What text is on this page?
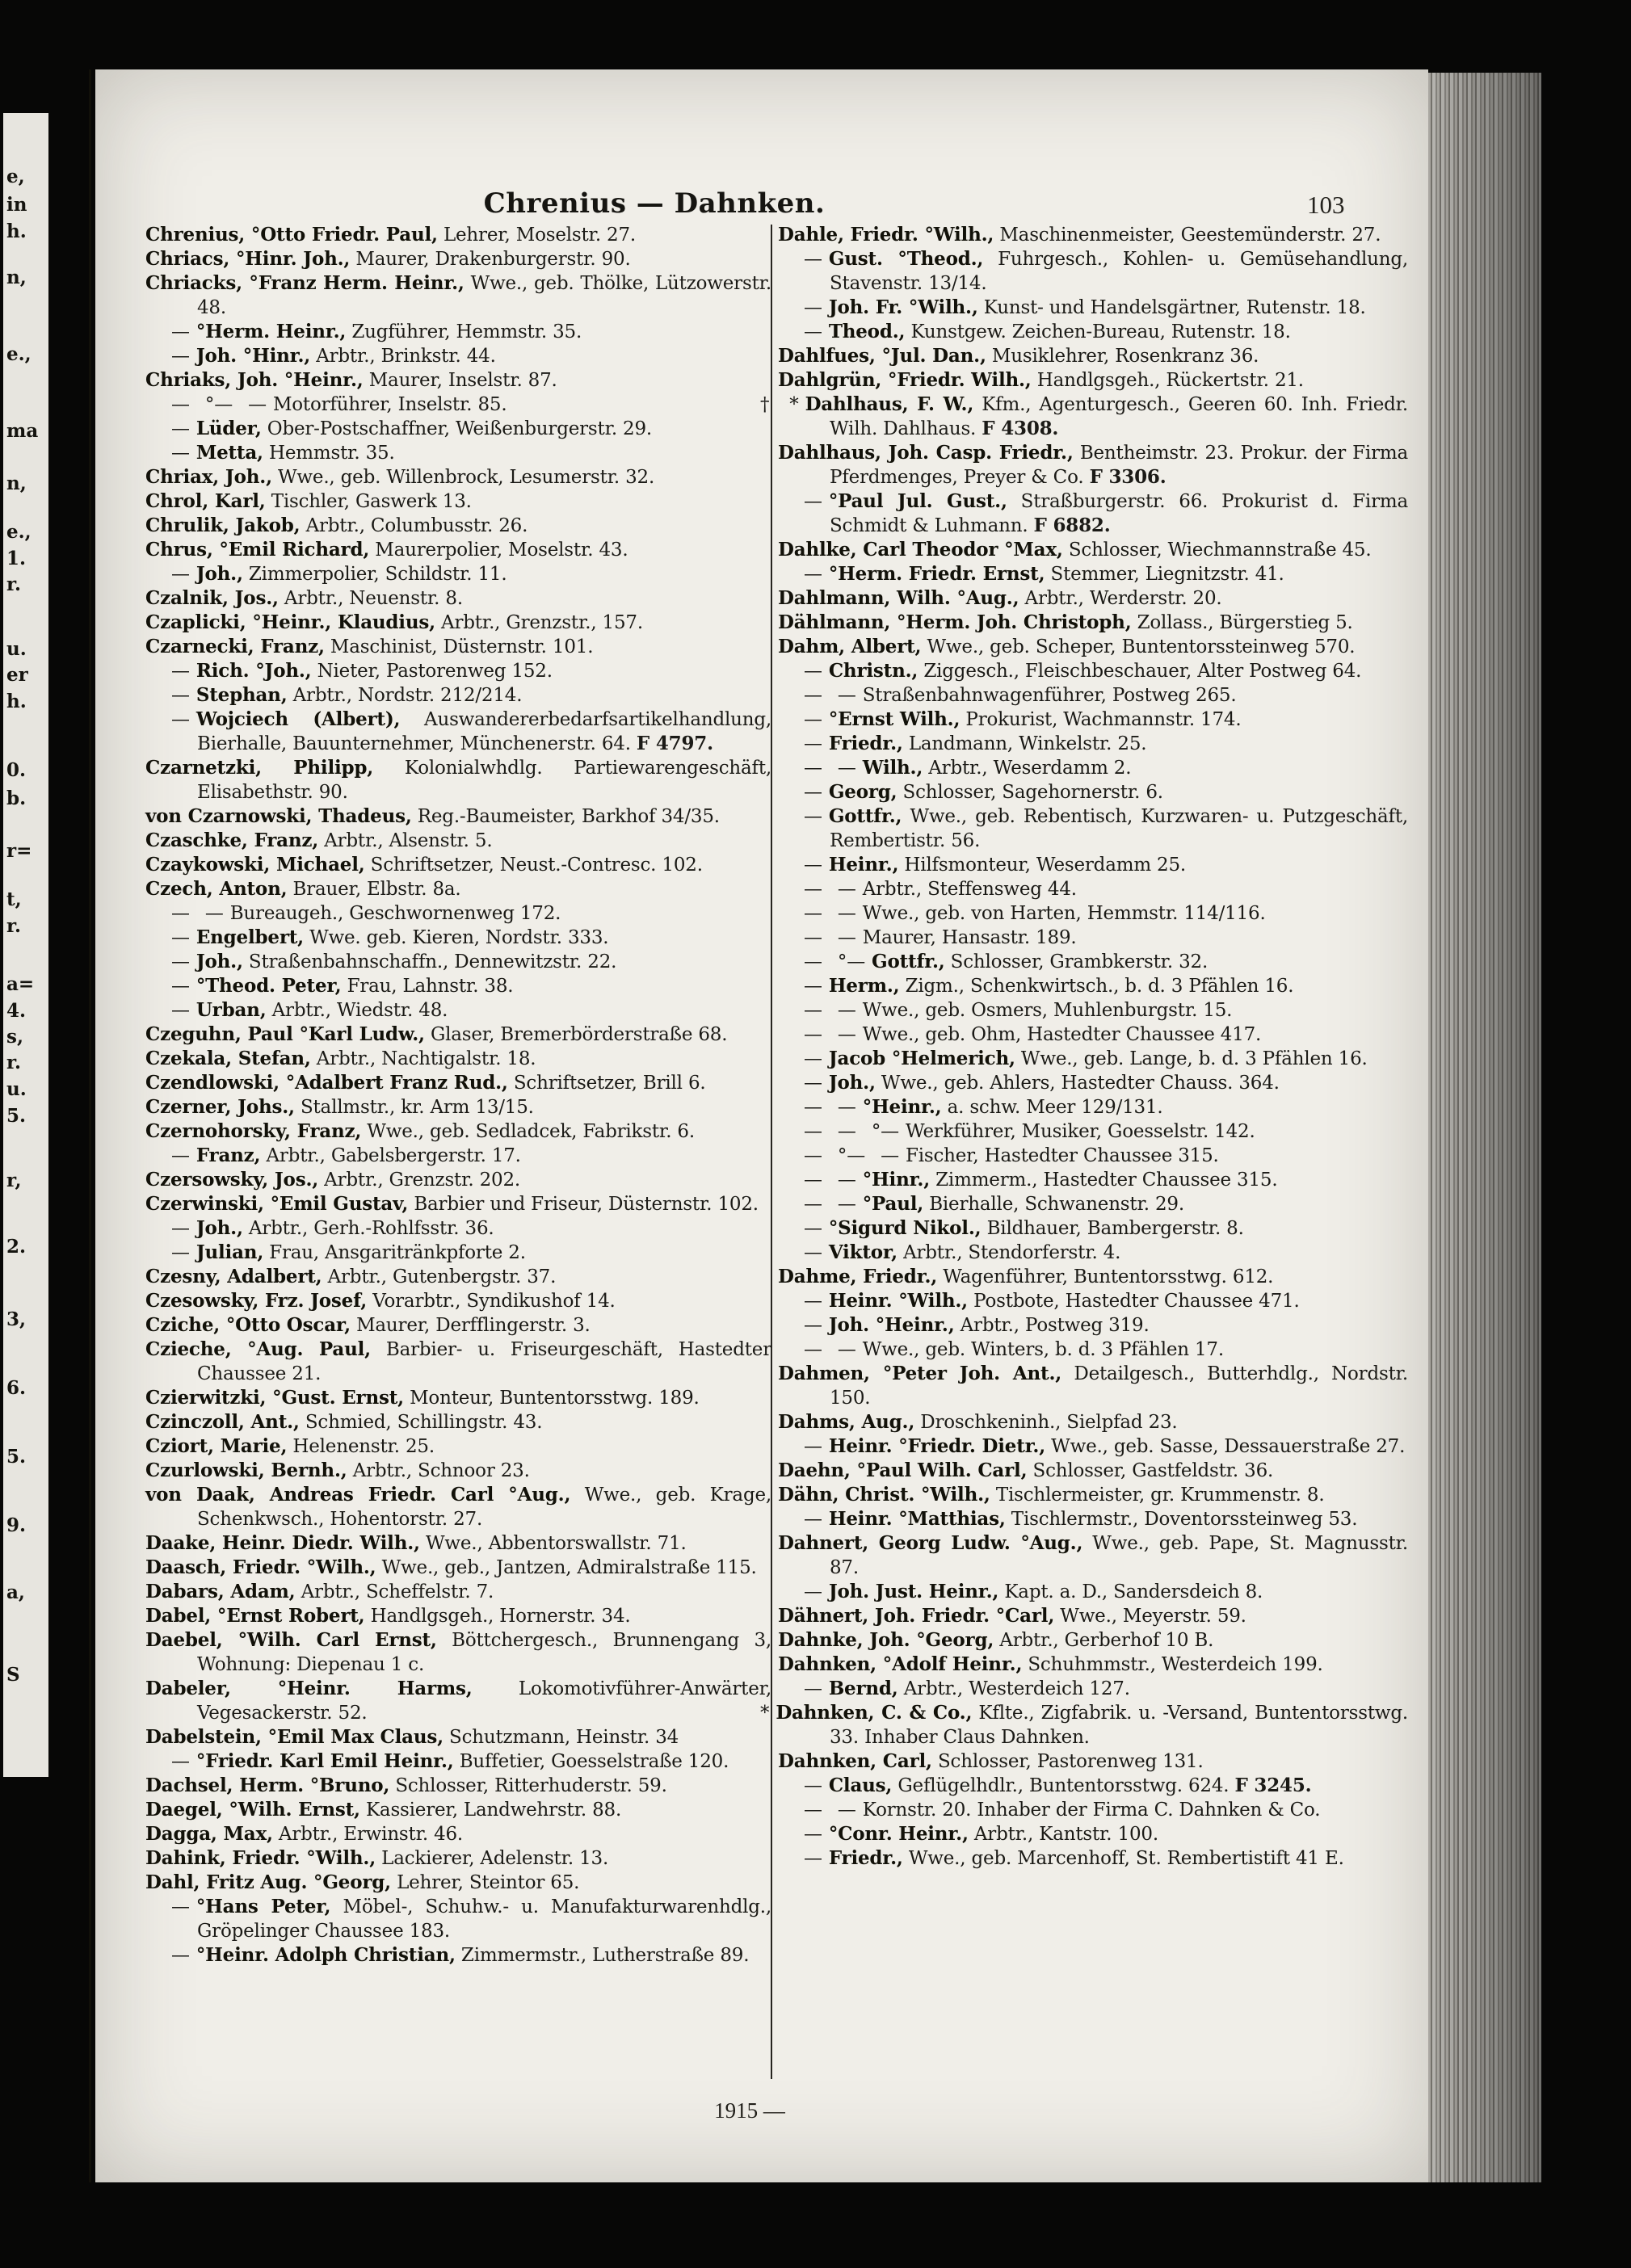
e,
in
h.
n,
e.,
ma
n,
e.,
1.
r.
u.
er
h.
0.
b.
r=
t,
r.
a=
4.
s,
r.
u.
5.
r,
2.
3,
6.
5.
9.
a,
S
Chrenius — Dahnken.	103

Chrenius, °Otto Friedr. Paul, Lehrer, Moselstr. 27.

Chriacs, °Hinr. Joh., Maurer, Drakenburgerstr. 90.

Chriacks, °Franz Herm. Heinr., Wwe., geb. Thölke, Lützowerstr. 48.

— °Herm. Heinr., Zugführer, Hemmstr. 35.

— Joh. °Hinr., Arbtr., Brinkstr. 44.

Chriaks, Joh. °Heinr., Maurer, Inselstr. 87.

— °— — Motorführer, Inselstr. 85.

— Lüder, Ober-Postschaffner, Weißenburgerstr. 29.

— Metta, Hemmstr. 35.

Chriax, Joh., Wwe., geb. Willenbrock, Lesumerstr. 32.

Chrol, Karl, Tischler, Gaswerk 13.

Chrulik, Jakob, Arbtr., Columbusstr. 26.

Chrus, °Emil Richard, Maurerpolier, Moselstr. 43.

— Joh., Zimmerpolier, Schildstr. 11.

Czalnik, Jos., Arbtr., Neuenstr. 8.

Czaplicki, °Heinr., Klaudius, Arbtr., Grenzstr., 157.

Czarnecki, Franz, Maschinist, Düsternstr. 101.

— Rich. °Joh., Nieter, Pastorenweg 152.

— Stephan, Arbtr., Nordstr. 212/214.

— Wojciech (Albert), Auswandererbedarfsartikelhandlung, Bierhalle, Bauunternehmer, Münchenerstr. 64. F 4797.

Czarnetzki, Philipp, Kolonialwhdlg. Partiewarengeschäft, Elisabethstr. 90.

von Czarnowski, Thadeus, Reg.-Baumeister, Barkhof 34/35.

Czaschke, Franz, Arbtr., Alsenstr. 5.

Czaykowski, Michael, Schriftsetzer, Neust.-Contresc. 102.

Czech, Anton, Brauer, Elbstr. 8a.

— — Bureaugeh., Geschwornenweg 172.

— Engelbert, Wwe. geb. Kieren, Nordstr. 333.

— Joh., Straßenbahnschaffn., Dennewitzstr. 22.

— °Theod. Peter, Frau, Lahnstr. 38.

— Urban, Arbtr., Wiedstr. 48.

Czeguhn, Paul °Karl Ludw., Glaser, Bremerbörderstraße 68.

Czekala, Stefan, Arbtr., Nachtigalstr. 18.

Czendlowski, °Adalbert Franz Rud., Schriftsetzer, Brill 6.

Czerner, Johs., Stallmstr., kr. Arm 13/15.

Czernohorsky, Franz, Wwe., geb. Sedladcek, Fabrikstr. 6.

— Franz, Arbtr., Gabelsbergerstr. 17.

Czersowsky, Jos., Arbtr., Grenzstr. 202.

Czerwinski, °Emil Gustav, Barbier und Friseur, Düsternstr. 102.

— Joh., Arbtr., Gerh.-Rohlfsstr. 36.

— Julian, Frau, Ansgaritränkpforte 2.

Czesny, Adalbert, Arbtr., Gutenbergstr. 37.

Czesowsky, Frz. Josef, Vorarbtr., Syndikushof 14.

Cziche, °Otto Oscar, Maurer, Derfflingerstr. 3.

Czieche, °Aug. Paul, Barbier- u. Friseurgeschäft, Hastedter Chaussee 21.

Czierwitzki, °Gust. Ernst, Monteur, Buntentorsstwg. 189.

Czinczoll, Ant., Schmied, Schillingstr. 43.

Cziort, Marie, Helenenstr. 25.

Czurlowski, Bernh., Arbtr., Schnoor 23.

von Daak, Andreas Friedr. Carl °Aug., Wwe., geb. Krage, Schenkwsch., Hohentorstr. 27.

Daake, Heinr. Diedr. Wilh., Wwe., Abbentorswallstr. 71.

Daasch, Friedr. °Wilh., Wwe., geb., Jantzen, Admiralstraße 115.

Dabars, Adam, Arbtr., Scheffelstr. 7.

Dabel, °Ernst Robert, Handlgsgeh., Hornerstr. 34.

Daebel, °Wilh. Carl Ernst, Böttchergesch., Brunnengang 3, Wohnung: Diepenau 1 c.

Dabeler, °Heinr. Harms, Lokomotivführer-Anwärter, Vegesackerstr. 52.

Dabelstein, °Emil Max Claus, Schutzmann, Heinstr. 34

— °Friedr. Karl Emil Heinr., Buffetier, Goesselstraße 120.

Dachsel, Herm. °Bruno, Schlosser, Ritterhuderstr. 59.

Daegel, °Wilh. Ernst, Kassierer, Landwehrstr. 88.

Dagga, Max, Arbtr., Erwinstr. 46.

Dahink, Friedr. °Wilh., Lackierer, Adelenstr. 13.

Dahl, Fritz Aug. °Georg, Lehrer, Steintor 65.

— °Hans Peter, Möbel-, Schuhw.- u. Manufakturwarenhdlg., Gröpelinger Chaussee 183.

— °Heinr. Adolph Christian, Zimmermstr., Lutherstraße 89.

Dahle, Friedr. °Wilh., Maschinenmeister, Geestemünderstr. 27.

— Gust. °Theod., Fuhrgesch., Kohlen- u. Gemüsehandlung, Stavenstr. 13/14.

— Joh. Fr. °Wilh., Kunst- und Handelsgärtner, Rutenstr. 18.

— Theod., Kunstgew. Zeichen-Bureau, Rutenstr. 18.

Dahlfues, °Jul. Dan., Musiklehrer, Rosenkranz 36.

Dahlgrün, °Friedr. Wilh., Handlgsgeh., Rückertstr. 21.

† * Dahlhaus, F. W., Kfm., Agenturgesch., Geeren 60. Inh. Friedr. Wilh. Dahlhaus. F 4308.

Dahlhaus, Joh. Casp. Friedr., Bentheimstr. 23. Prokur. der Firma Pferdmenges, Preyer & Co. F 3306.

— °Paul Jul. Gust., Straßburgerstr. 66. Prokurist d. Firma Schmidt & Luhmann. F 6882.

Dahlke, Carl Theodor °Max, Schlosser, Wiechmannstraße 45.

— °Herm. Friedr. Ernst, Stemmer, Liegnitzstr. 41.

Dahlmann, Wilh. °Aug., Arbtr., Werderstr. 20.

Dählmann, °Herm. Joh. Christoph, Zollass., Bürgerstieg 5.

Dahm, Albert, Wwe., geb. Scheper, Buntentorssteinweg 570.

— Christn., Ziggesch., Fleischbeschauer, Alter Postweg 64.

— — Straßenbahnwagenführer, Postweg 265.

— °Ernst Wilh., Prokurist, Wachmannstr. 174.

— Friedr., Landmann, Winkelstr. 25.

— — Wilh., Arbtr., Weserdamm 2.

— Georg, Schlosser, Sagehornerstr. 6.

— Gottfr., Wwe., geb. Rebentisch, Kurzwaren- u. Putzgeschäft, Rembertistr. 56.

— Heinr., Hilfsmonteur, Weserdamm 25.

— — Arbtr., Steffensweg 44.

— — Wwe., geb. von Harten, Hemmstr. 114/116.

— — Maurer, Hansastr. 189.

— °— Gottfr., Schlosser, Grambkerstr. 32.

— Herm., Zigm., Schenkwirtsch., b. d. 3 Pfählen 16.

— — Wwe., geb. Osmers, Muhlenburgstr. 15.

— — Wwe., geb. Ohm, Hastedter Chaussee 417.

— Jacob °Helmerich, Wwe., geb. Lange, b. d. 3 Pfählen 16.

— Joh., Wwe., geb. Ahlers, Hastedter Chauss. 364.

— — °Heinr., a. schw. Meer 129/131.

— — °— Werkführer, Musiker, Goesselstr. 142.

— °— — Fischer, Hastedter Chaussee 315.

— — °Hinr., Zimmerm., Hastedter Chaussee 315.

— — °Paul, Bierhalle, Schwanenstr. 29.

— °Sigurd Nikol., Bildhauer, Bambergerstr. 8.

— Viktor, Arbtr., Stendorferstr. 4.

Dahme, Friedr., Wagenführer, Buntentorsstwg. 612.

— Heinr. °Wilh., Postbote, Hastedter Chaussee 471.

— Joh. °Heinr., Arbtr., Postweg 319.

— — Wwe., geb. Winters, b. d. 3 Pfählen 17.

Dahmen, °Peter Joh. Ant., Detailgesch., Butterhdlg., Nordstr. 150.

Dahms, Aug., Droschkeninh., Sielpfad 23.

— Heinr. °Friedr. Dietr., Wwe., geb. Sasse, Dessauerstraße 27.

Daehn, °Paul Wilh. Carl, Schlosser, Gastfeldstr. 36.

Dähn, Christ. °Wilh., Tischlermeister, gr. Krummenstr. 8.

— Heinr. °Matthias, Tischlermstr., Doventorssteinweg 53.

Dahnert, Georg Ludw. °Aug., Wwe., geb. Pape, St. Magnusstr. 87.

— Joh. Just. Heinr., Kapt. a. D., Sandersdeich 8.

Dähnert, Joh. Friedr. °Carl, Wwe., Meyerstr. 59.

Dahnke, Joh. °Georg, Arbtr., Gerberhof 10 B.

Dahnken, °Adolf Heinr., Schuhmmstr., Westerdeich 199.

— Bernd, Arbtr., Westerdeich 127.

* Dahnken, C. & Co., Kflte., Zigfabrik. u. -Versand, Buntentorsstwg. 33. Inhaber Claus Dahnken.

Dahnken, Carl, Schlosser, Pastorenweg 131.

— Claus, Geflügelhdlr., Buntentorsstwg. 624. F 3245.

— — Kornstr. 20. Inhaber der Firma C. Dahnken & Co.

— °Conr. Heinr., Arbtr., Kantstr. 100.

— Friedr., Wwe., geb. Marcenhoff, St. Rembertistift 41 E.

1915 —
